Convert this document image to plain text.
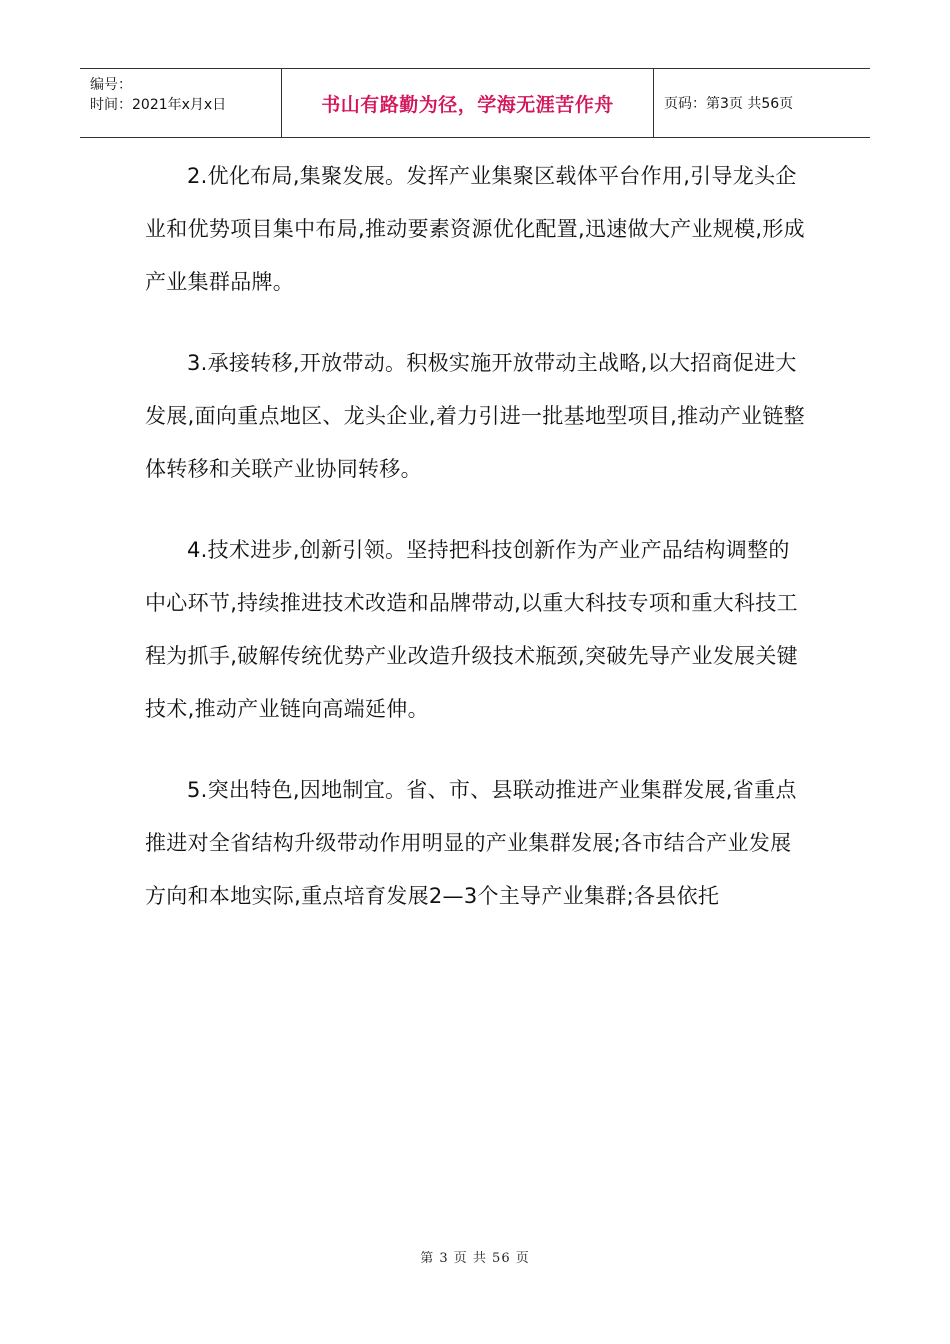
编号：
时间：2021年x月x日	书山有路勤为径，学海无涯苦作舟	页码：第3页 共56页

2.优化布局,集聚发展。发挥产业集聚区载体平台作用,引导龙头企业和优势项目集中布局,推动要素资源优化配置,迅速做大产业规模,形成产业集群品牌。

3.承接转移,开放带动。积极实施开放带动主战略,以大招商促进大发展,面向重点地区、龙头企业,着力引进一批基地型项目,推动产业链整体转移和关联产业协同转移。

4.技术进步,创新引领。坚持把科技创新作为产业产品结构调整的中心环节,持续推进技术改造和品牌带动,以重大科技专项和重大科技工程为抓手,破解传统优势产业改造升级技术瓶颈,突破先导产业发展关键技术,推动产业链向高端延伸。

5.突出特色,因地制宜。省、市、县联动推进产业集群发展,省重点推进对全省结构升级带动作用明显的产业集群发展;各市结合产业发展方向和本地实际,重点培育发展2—3个主导产业集群;各县依托

第 3 页 共 56 页
